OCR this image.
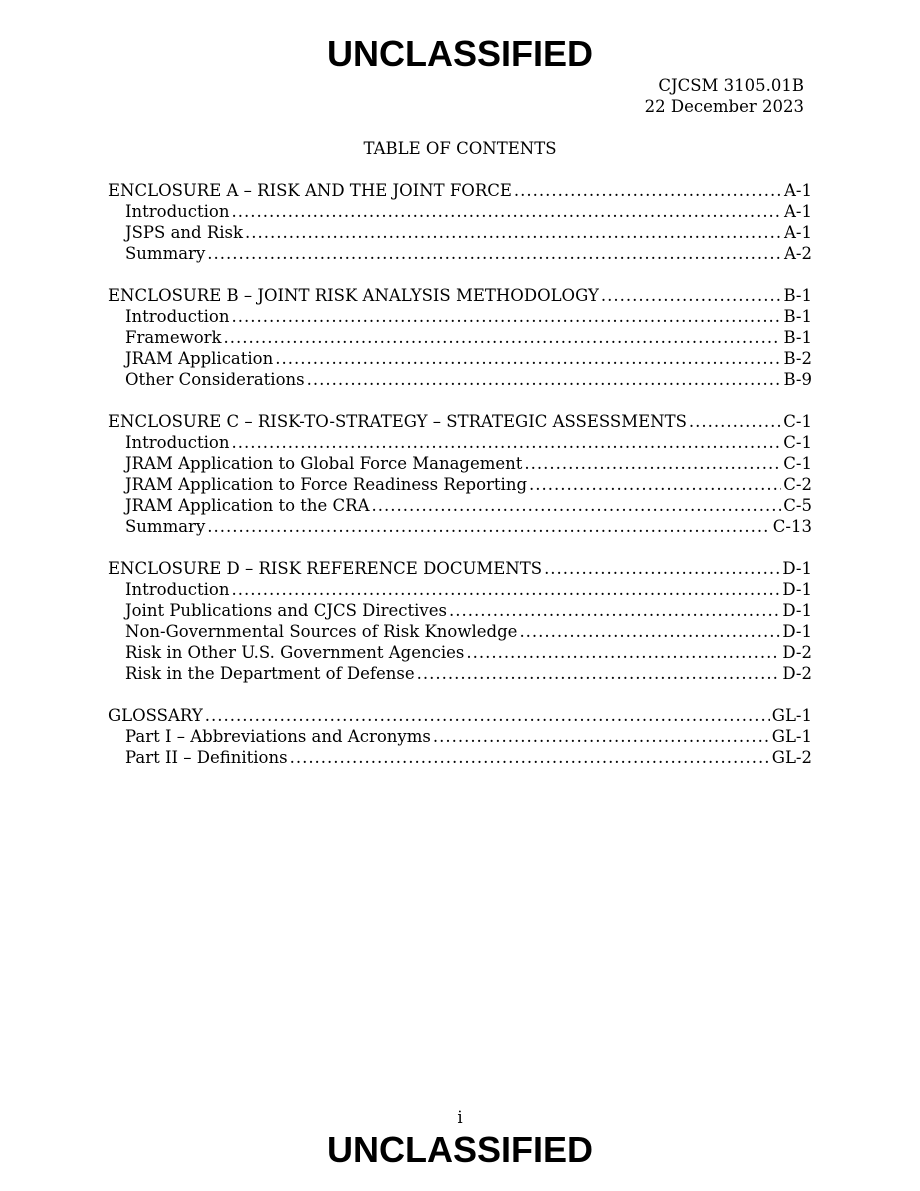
UNCLASSIFIED
CJCSM 3105.01B
22 December 2023
TABLE OF CONTENTS
ENCLOSURE A – RISK AND THE JOINT FORCE .....	A-1
Introduction .....	A-1
JSPS and Risk .....	A-1
Summary .....	A-2
ENCLOSURE B – JOINT RISK ANALYSIS METHODOLOGY .....	B-1
Introduction .....	B-1
Framework .....	B-1
JRAM Application .....	B-2
Other Considerations .....	B-9
ENCLOSURE C – RISK-TO-STRATEGY – STRATEGIC ASSESSMENTS .....	C-1
Introduction .....	C-1
JRAM Application to Global Force Management .....	C-1
JRAM Application to Force Readiness Reporting .....	C-2
JRAM Application to the CRA .....	C-5
Summary .....	C-13
ENCLOSURE D – RISK REFERENCE DOCUMENTS .....	D-1
Introduction .....	D-1
Joint Publications and CJCS Directives .....	D-1
Non-Governmental Sources of Risk Knowledge .....	D-1
Risk in Other U.S. Government Agencies .....	D-2
Risk in the Department of Defense .....	D-2
GLOSSARY .....	GL-1
Part I – Abbreviations and Acronyms .....	GL-1
Part II – Definitions .....	GL-2
i
UNCLASSIFIED
